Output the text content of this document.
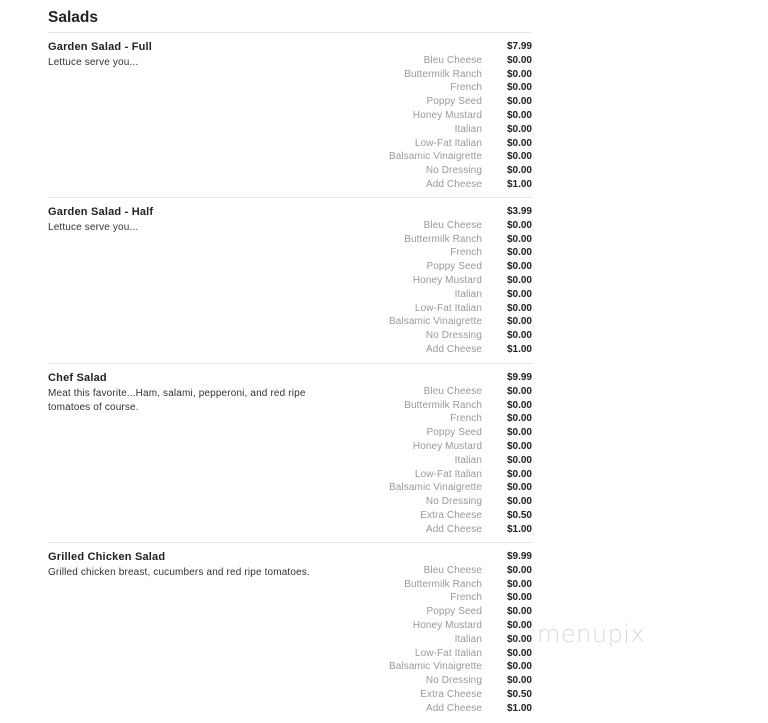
Salads
Garden Salad - Full
Lettuce serve you...
$7.99
Bleu Cheese	$0.00
Buttermilk Ranch	$0.00
French	$0.00
Poppy Seed	$0.00
Honey Mustard	$0.00
Italian	$0.00
Low-Fat Italian	$0.00
Balsamic Vinaigrette	$0.00
No Dressing	$0.00
Add Cheese	$1.00
Garden Salad - Half
Lettuce serve you...
$3.99
Bleu Cheese	$0.00
Buttermilk Ranch	$0.00
French	$0.00
Poppy Seed	$0.00
Honey Mustard	$0.00
Italian	$0.00
Low-Fat Italian	$0.00
Balsamic Vinaigrette	$0.00
No Dressing	$0.00
Add Cheese	$1.00
Chef Salad
Meat this favorite...Ham, salami, pepperoni, and red ripe tomatoes of course.
$9.99
Bleu Cheese	$0.00
Buttermilk Ranch	$0.00
French	$0.00
Poppy Seed	$0.00
Honey Mustard	$0.00
Italian	$0.00
Low-Fat Italian	$0.00
Balsamic Vinaigrette	$0.00
No Dressing	$0.00
Extra Cheese	$0.50
Add Cheese	$1.00
Grilled Chicken Salad
Grilled chicken breast, cucumbers and red ripe tomatoes.
$9.99
Bleu Cheese	$0.00
Buttermilk Ranch	$0.00
French	$0.00
Poppy Seed	$0.00
Honey Mustard	$0.00
Italian	$0.00
Low-Fat Italian	$0.00
Balsamic Vinaigrette	$0.00
No Dressing	$0.00
Extra Cheese	$0.50
Add Cheese	$1.00
menupix
